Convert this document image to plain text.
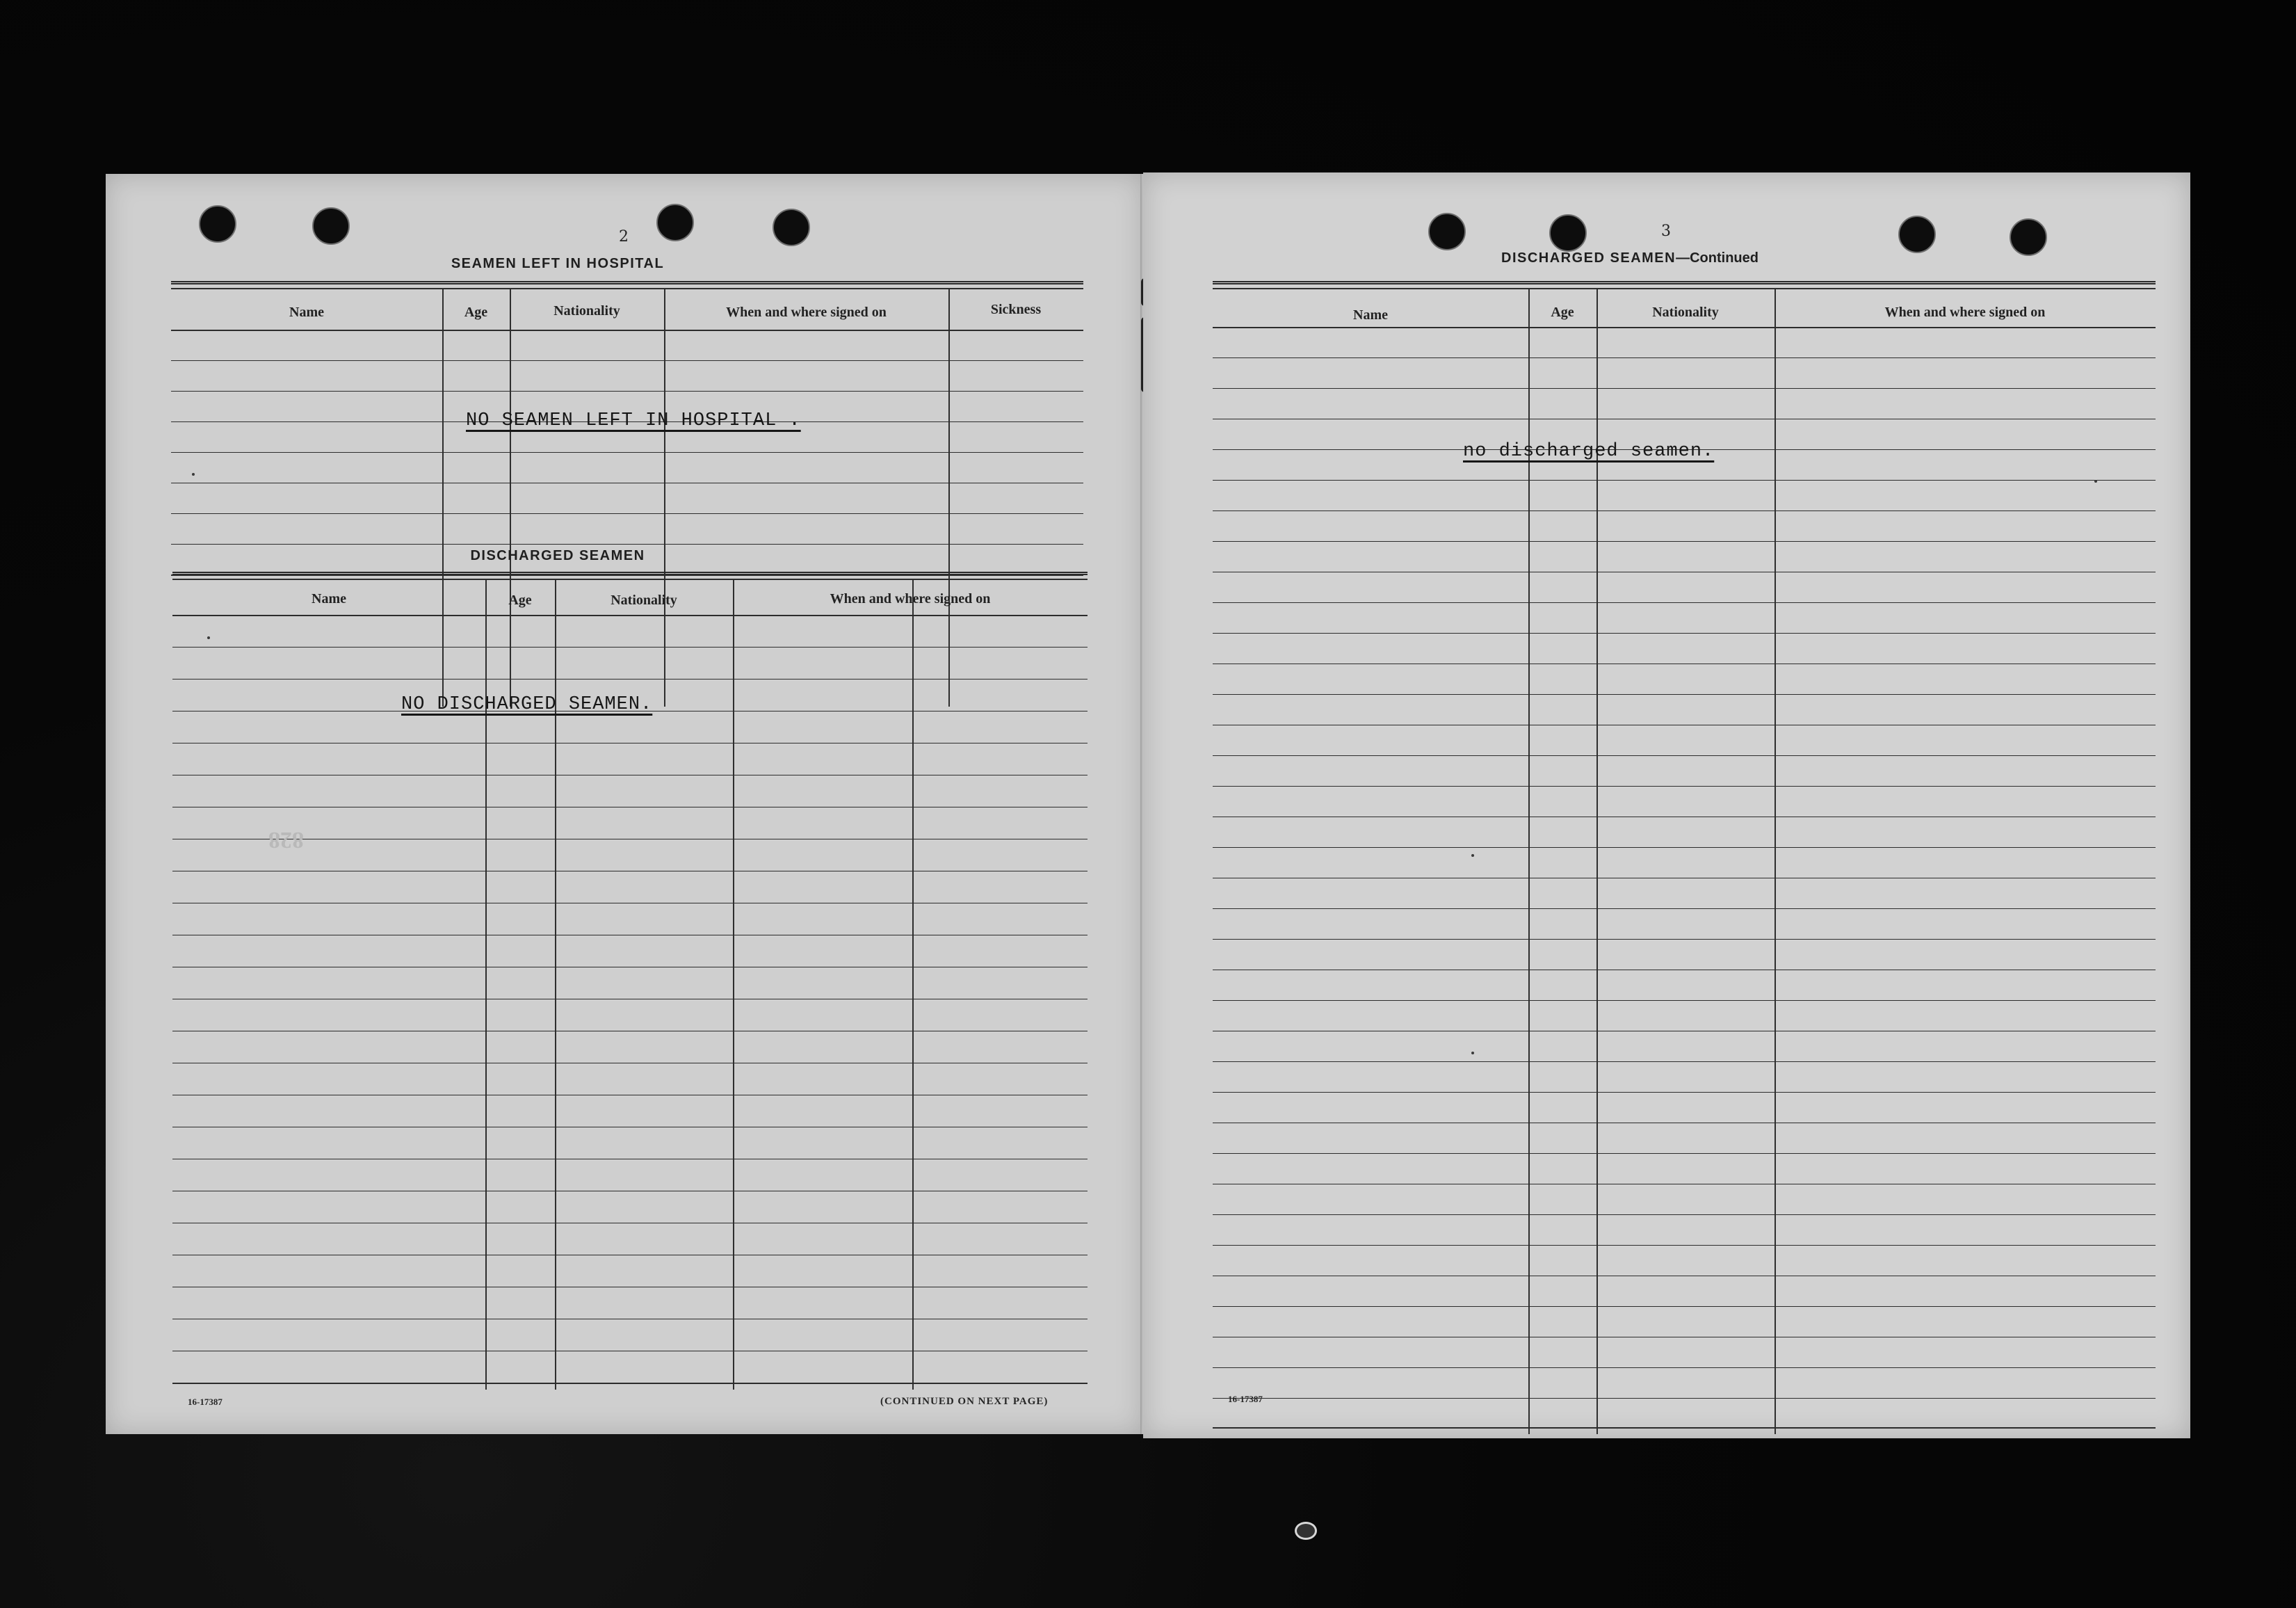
2
SEAMEN LEFT IN HOSPITAL
Name	Age	Nationality	When and where signed on	Sickness
NO SEAMEN LEFT IN HOSPITAL .
DISCHARGED SEAMEN
Name	Age	Nationality	When and where signed on
NO DISCHARGED SEAMEN.
828
16-17387	(CONTINUED ON NEXT PAGE)
3
DISCHARGED SEAMEN—Continued
Name	Age	Nationality	When and where signed on
no discharged seamen.
16-17387
